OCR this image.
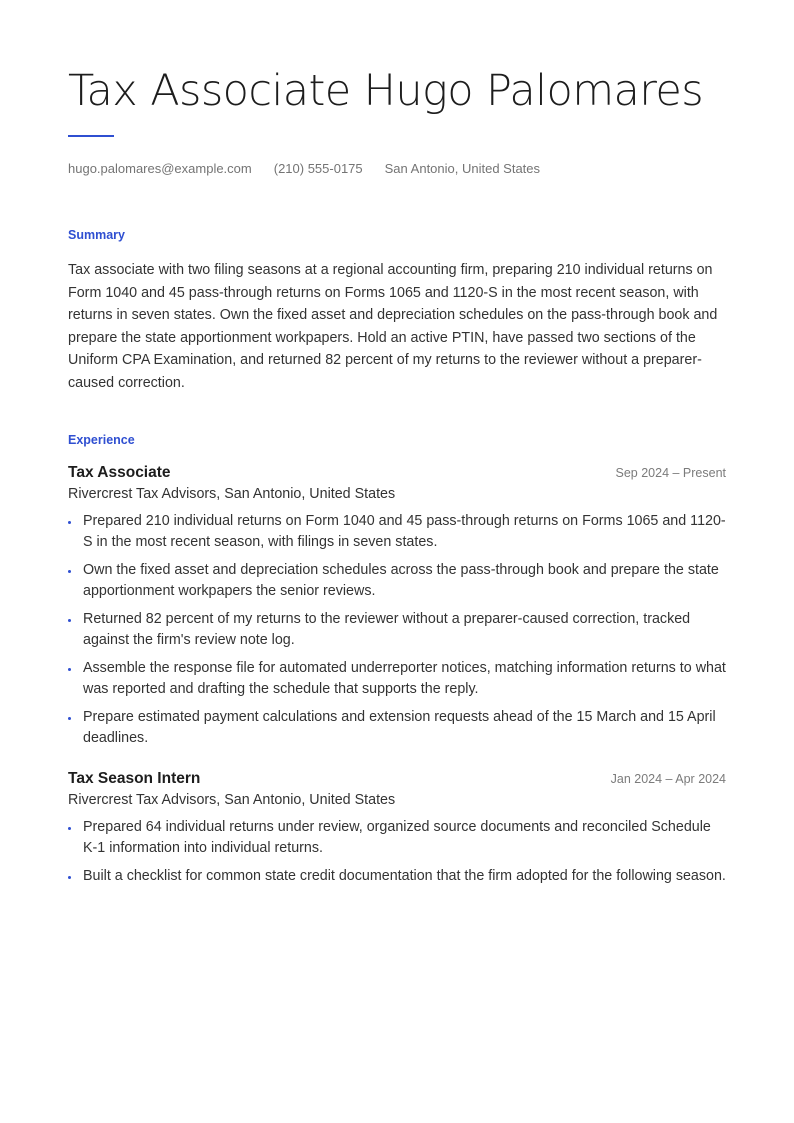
Tax Associate Hugo Palomares
hugo.palomares@example.com (210) 555-0175 San Antonio, United States
Summary

Tax associate with two filing seasons at a regional accounting firm, preparing 210 individual returns on Form 1040 and 45 pass-through returns on Forms 1065 and 1120-S in the most recent season, with returns in seven states. Own the fixed asset and depreciation schedules on the pass-through book and prepare the state apportionment workpapers. Hold an active PTIN, have passed two sections of the Uniform CPA Examination, and returned 82 percent of my returns to the reviewer without a preparer-caused correction.

Experience
Tax Associate	Sep 2024 – Present
Rivercrest Tax Advisors, San Antonio, United States
Prepared 210 individual returns on Form 1040 and 45 pass-through returns on Forms 1065 and 1120-S in the most recent season, with filings in seven states.
Own the fixed asset and depreciation schedules across the pass-through book and prepare the state apportionment workpapers the senior reviews.
Returned 82 percent of my returns to the reviewer without a preparer-caused correction, tracked against the firm's review note log.
Assemble the response file for automated underreporter notices, matching information returns to what was reported and drafting the schedule that supports the reply.
Prepare estimated payment calculations and extension requests ahead of the 15 March and 15 April deadlines.
Tax Season Intern	Jan 2024 – Apr 2024
Rivercrest Tax Advisors, San Antonio, United States
Prepared 64 individual returns under review, organized source documents and reconciled Schedule K-1 information into individual returns.
Built a checklist for common state credit documentation that the firm adopted for the following season.
